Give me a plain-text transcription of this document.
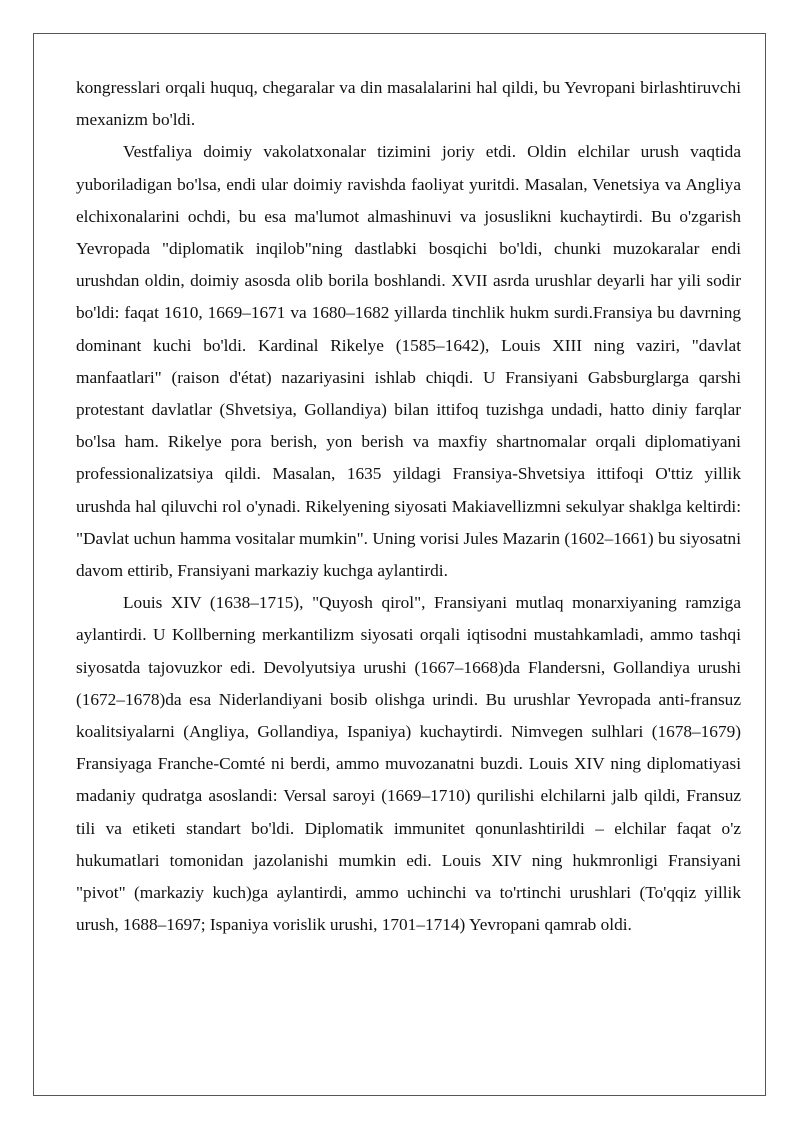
kongresslari orqali huquq, chegaralar va din masalalarini hal qildi, bu Yevropani birlashtiruvchi mexanizm bo'ldi.

Vestfaliya doimiy vakolatxonalar tizimini joriy etdi. Oldin elchilar urush vaqtida yuboriladigan bo'lsa, endi ular doimiy ravishda faoliyat yuritdi. Masalan, Venetsiya va Angliya elchixonalarini ochdi, bu esa ma'lumot almashinuvi va josuslikni kuchaytirdi. Bu o'zgarish Yevropada "diplomatik inqilob"ning dastlabki bosqichi bo'ldi, chunki muzokaralar endi urushdan oldin, doimiy asosda olib borila boshlandi. XVII asrda urushlar deyarli har yili sodir bo'ldi: faqat 1610, 1669–1671 va 1680–1682 yillarda tinchlik hukm surdi.Fransiya bu davrning dominant kuchi bo'ldi. Kardinal Rikelye (1585–1642), Louis XIII ning vaziri, "davlat manfaatlari" (raison d'état) nazariyasini ishlab chiqdi. U Fransiyani Gabsburglarga qarshi protestant davlatlar (Shvetsiya, Gollandiya) bilan ittifoq tuzishga undadi, hatto diniy farqlar bo'lsa ham. Rikelye pora berish, yon berish va maxfiy shartnomalar orqali diplomatiyani professionalizatsiya qildi. Masalan, 1635 yildagi Fransiya-Shvetsiya ittifoqi O'ttiz yillik urushda hal qiluvchi rol o'ynadi. Rikelyening siyosati Makiavellizmni sekulyar shaklga keltirdi: "Davlat uchun hamma vositalar mumkin". Uning vorisi Jules Mazarin (1602–1661) bu siyosatni davom ettirib, Fransiyani markaziy kuchga aylantirdi.

Louis XIV (1638–1715), "Quyosh qirol", Fransiyani mutlaq monarxiyaning ramziga aylantirdi. U Kollberning merkantilizm siyosati orqali iqtisodni mustahkamladi, ammo tashqi siyosatda tajovuzkor edi. Devolyutsiya urushi (1667–1668)da Flandersni, Gollandiya urushi (1672–1678)da esa Niderlandiyani bosib olishga urindi. Bu urushlar Yevropada anti-fransuz koalitsiyalarni (Angliya, Gollandiya, Ispaniya) kuchaytirdi. Nimvegen sulhlari (1678–1679) Fransiyaga Franche-Comté ni berdi, ammo muvozanatni buzdi. Louis XIV ning diplomatiyasi madaniy qudratga asoslandi: Versal saroyi (1669–1710) qurilishi elchilarni jalb qildi, Fransuz tili va etiketi standart bo'ldi. Diplomatik immunitet qonunlashtirildi – elchilar faqat o'z hukumatlari tomonidan jazolanishi mumkin edi. Louis XIV ning hukmronligi Fransiyani "pivot" (markaziy kuch)ga aylantirdi, ammo uchinchi va to'rtinchi urushlari (To'qqiz yillik urush, 1688–1697; Ispaniya vorislik urushi, 1701–1714) Yevropani qamrab oldi.
